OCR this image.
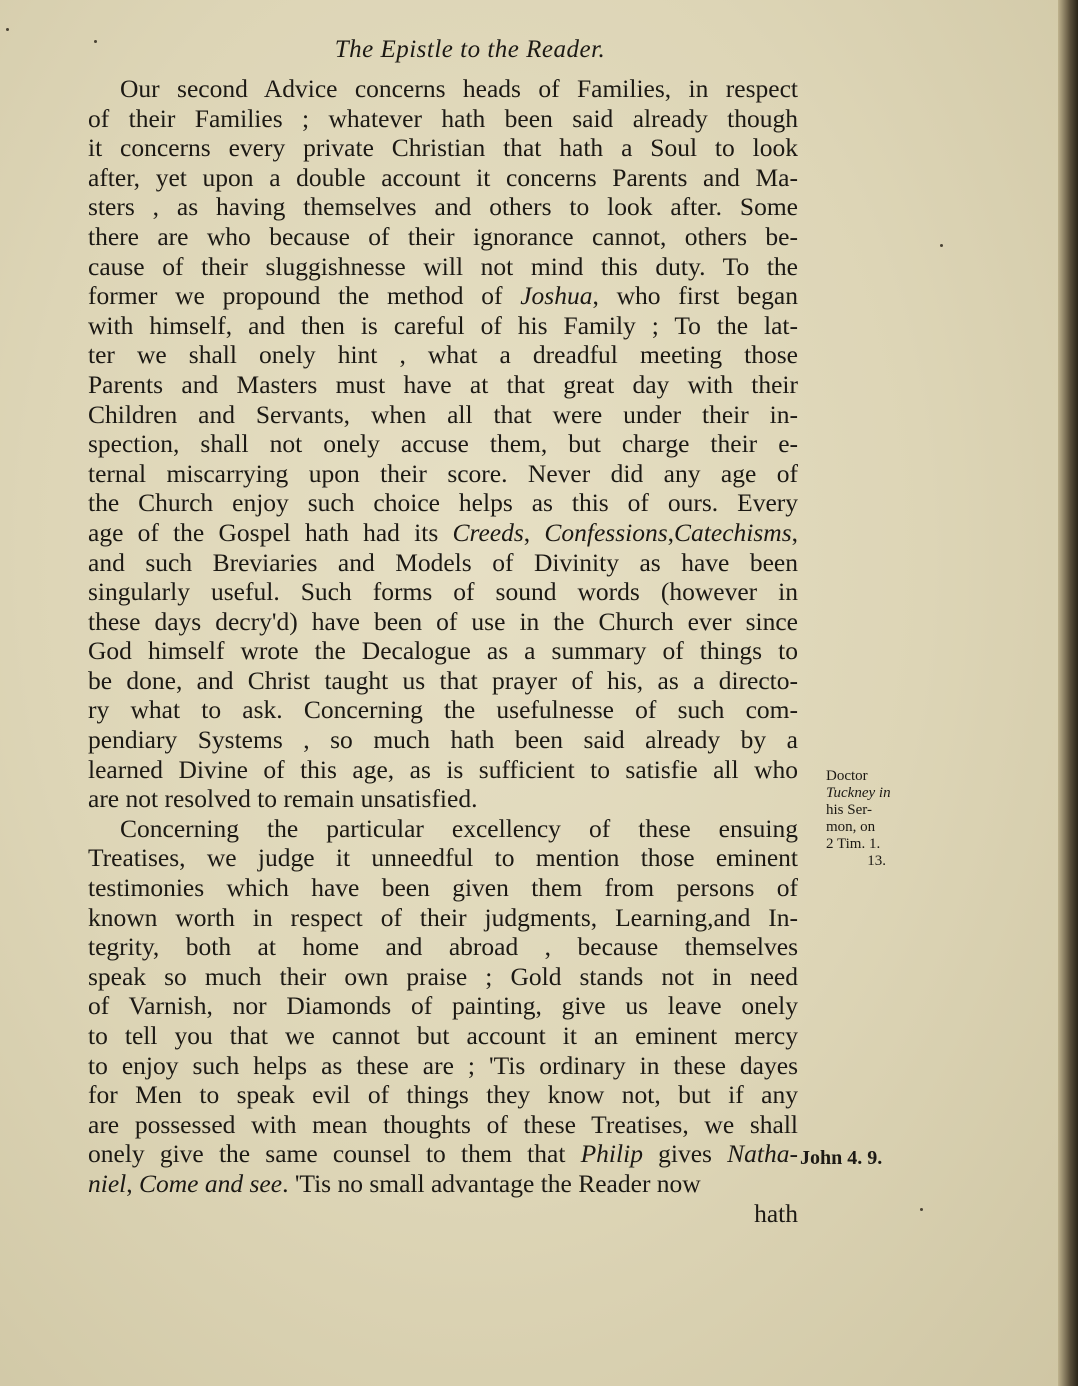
The Epistle to the Reader.
Our second Advice concerns heads of Families, in respect
of their Families ; whatever hath been said already though
it concerns every private Christian that hath a Soul to look
after, yet upon a double account it concerns Parents and Ma-
sters , as having themselves and others to look after. Some
there are who because of their ignorance cannot, others be-
cause of their sluggishnesse will not mind this duty. To the
former we propound the method of Joshua, who first began
with himself, and then is careful of his Family ; To the lat-
ter we shall onely hint , what a dreadful meeting those
Parents and Masters must have at that great day with their
Children and Servants, when all that were under their in-
spection, shall not onely accuse them, but charge their e-
ternal miscarrying upon their score. Never did any age of
the Church enjoy such choice helps as this of ours. Every
age of the Gospel hath had its Creeds, Confessions,Catechisms,
and such Breviaries and Models of Divinity as have been
singularly useful. Such forms of sound words (however in
these days decry'd) have been of use in the Church ever since
God himself wrote the Decalogue as a summary of things to
be done, and Christ taught us that prayer of his, as a directo-
ry what to ask. Concerning the usefulnesse of such com-
pendiary Systems , so much hath been said already by a
learned Divine of this age, as is sufficient to satisfie all who
are not resolved to remain unsatisfied.
Concerning the particular excellency of these ensuing
Treatises, we judge it unneedful to mention those eminent
testimonies which have been given them from persons of
known worth in respect of their judgments, Learning,and In-
tegrity, both at home and abroad , because themselves
speak so much their own praise ; Gold stands not in need
of Varnish, nor Diamonds of painting, give us leave onely
to tell you that we cannot but account it an eminent mercy
to enjoy such helps as these are ; 'Tis ordinary in these dayes
for Men to speak evil of things they know not, but if any
are possessed with mean thoughts of these Treatises, we shall
onely give the same counsel to them that Philip gives Natha-
niel, Come and see. 'Tis no small advantage the Reader now
hath
Doctor
Tuckney in
his Ser-
mon, on
2 Tim. 1.
13.
John 4. 9.
